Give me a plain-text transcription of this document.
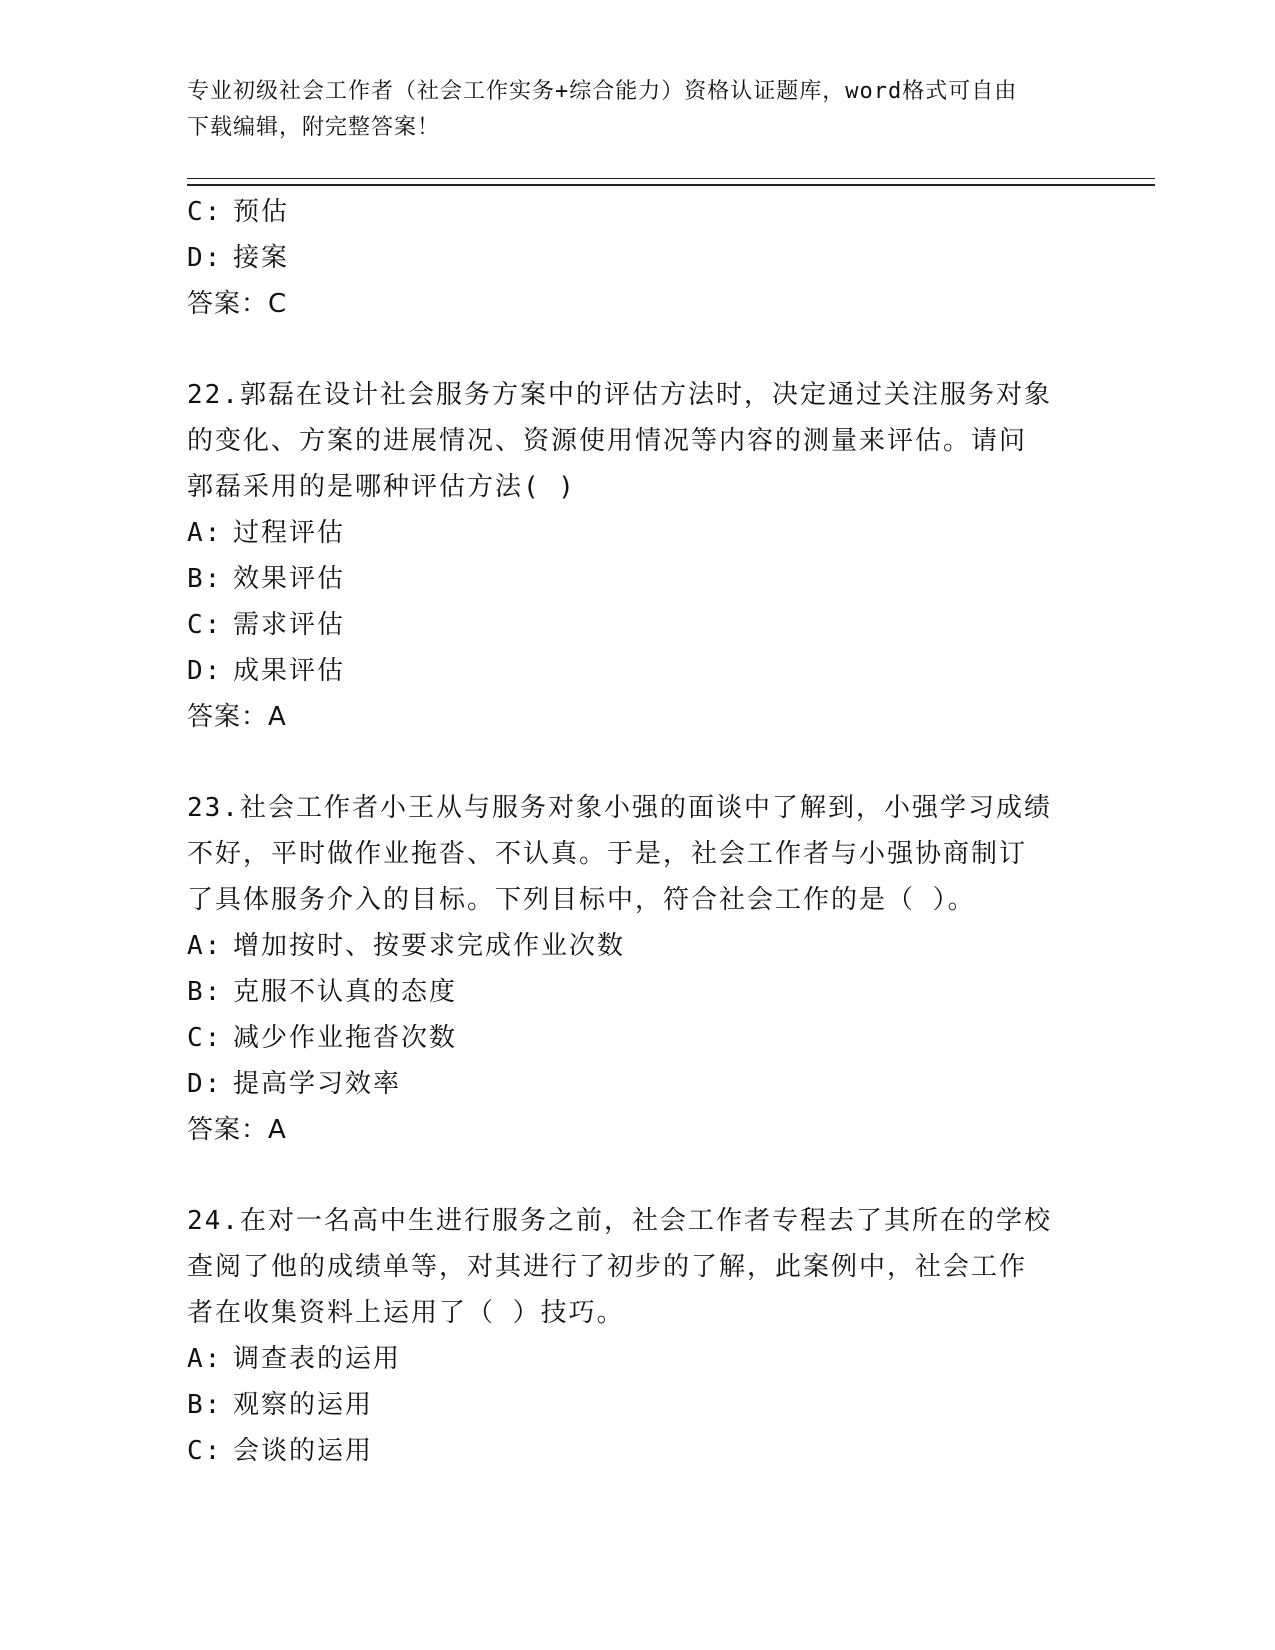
专业初级社会工作者（社会工作实务+综合能力）资格认证题库，word格式可自由
下载编辑，附完整答案！
C: 预估
D: 接案
答案：C
22.郭磊在设计社会服务方案中的评估方法时，决定通过关注服务对象
的变化、方案的进展情况、资源使用情况等内容的测量来评估。请问
郭磊采用的是哪种评估方法( )
A: 过程评估
B: 效果评估
C: 需求评估
D: 成果评估
答案：A
23.社会工作者小王从与服务对象小强的面谈中了解到，小强学习成绩
不好，平时做作业拖沓、不认真。于是，社会工作者与小强协商制订
了具体服务介入的目标。下列目标中，符合社会工作的是（ ）。
A: 增加按时、按要求完成作业次数
B: 克服不认真的态度
C: 减少作业拖沓次数
D: 提高学习效率
答案：A
24.在对一名高中生进行服务之前，社会工作者专程去了其所在的学校
查阅了他的成绩单等，对其进行了初步的了解，此案例中，社会工作
者在收集资料上运用了（ ）技巧。
A: 调查表的运用
B: 观察的运用
C: 会谈的运用
